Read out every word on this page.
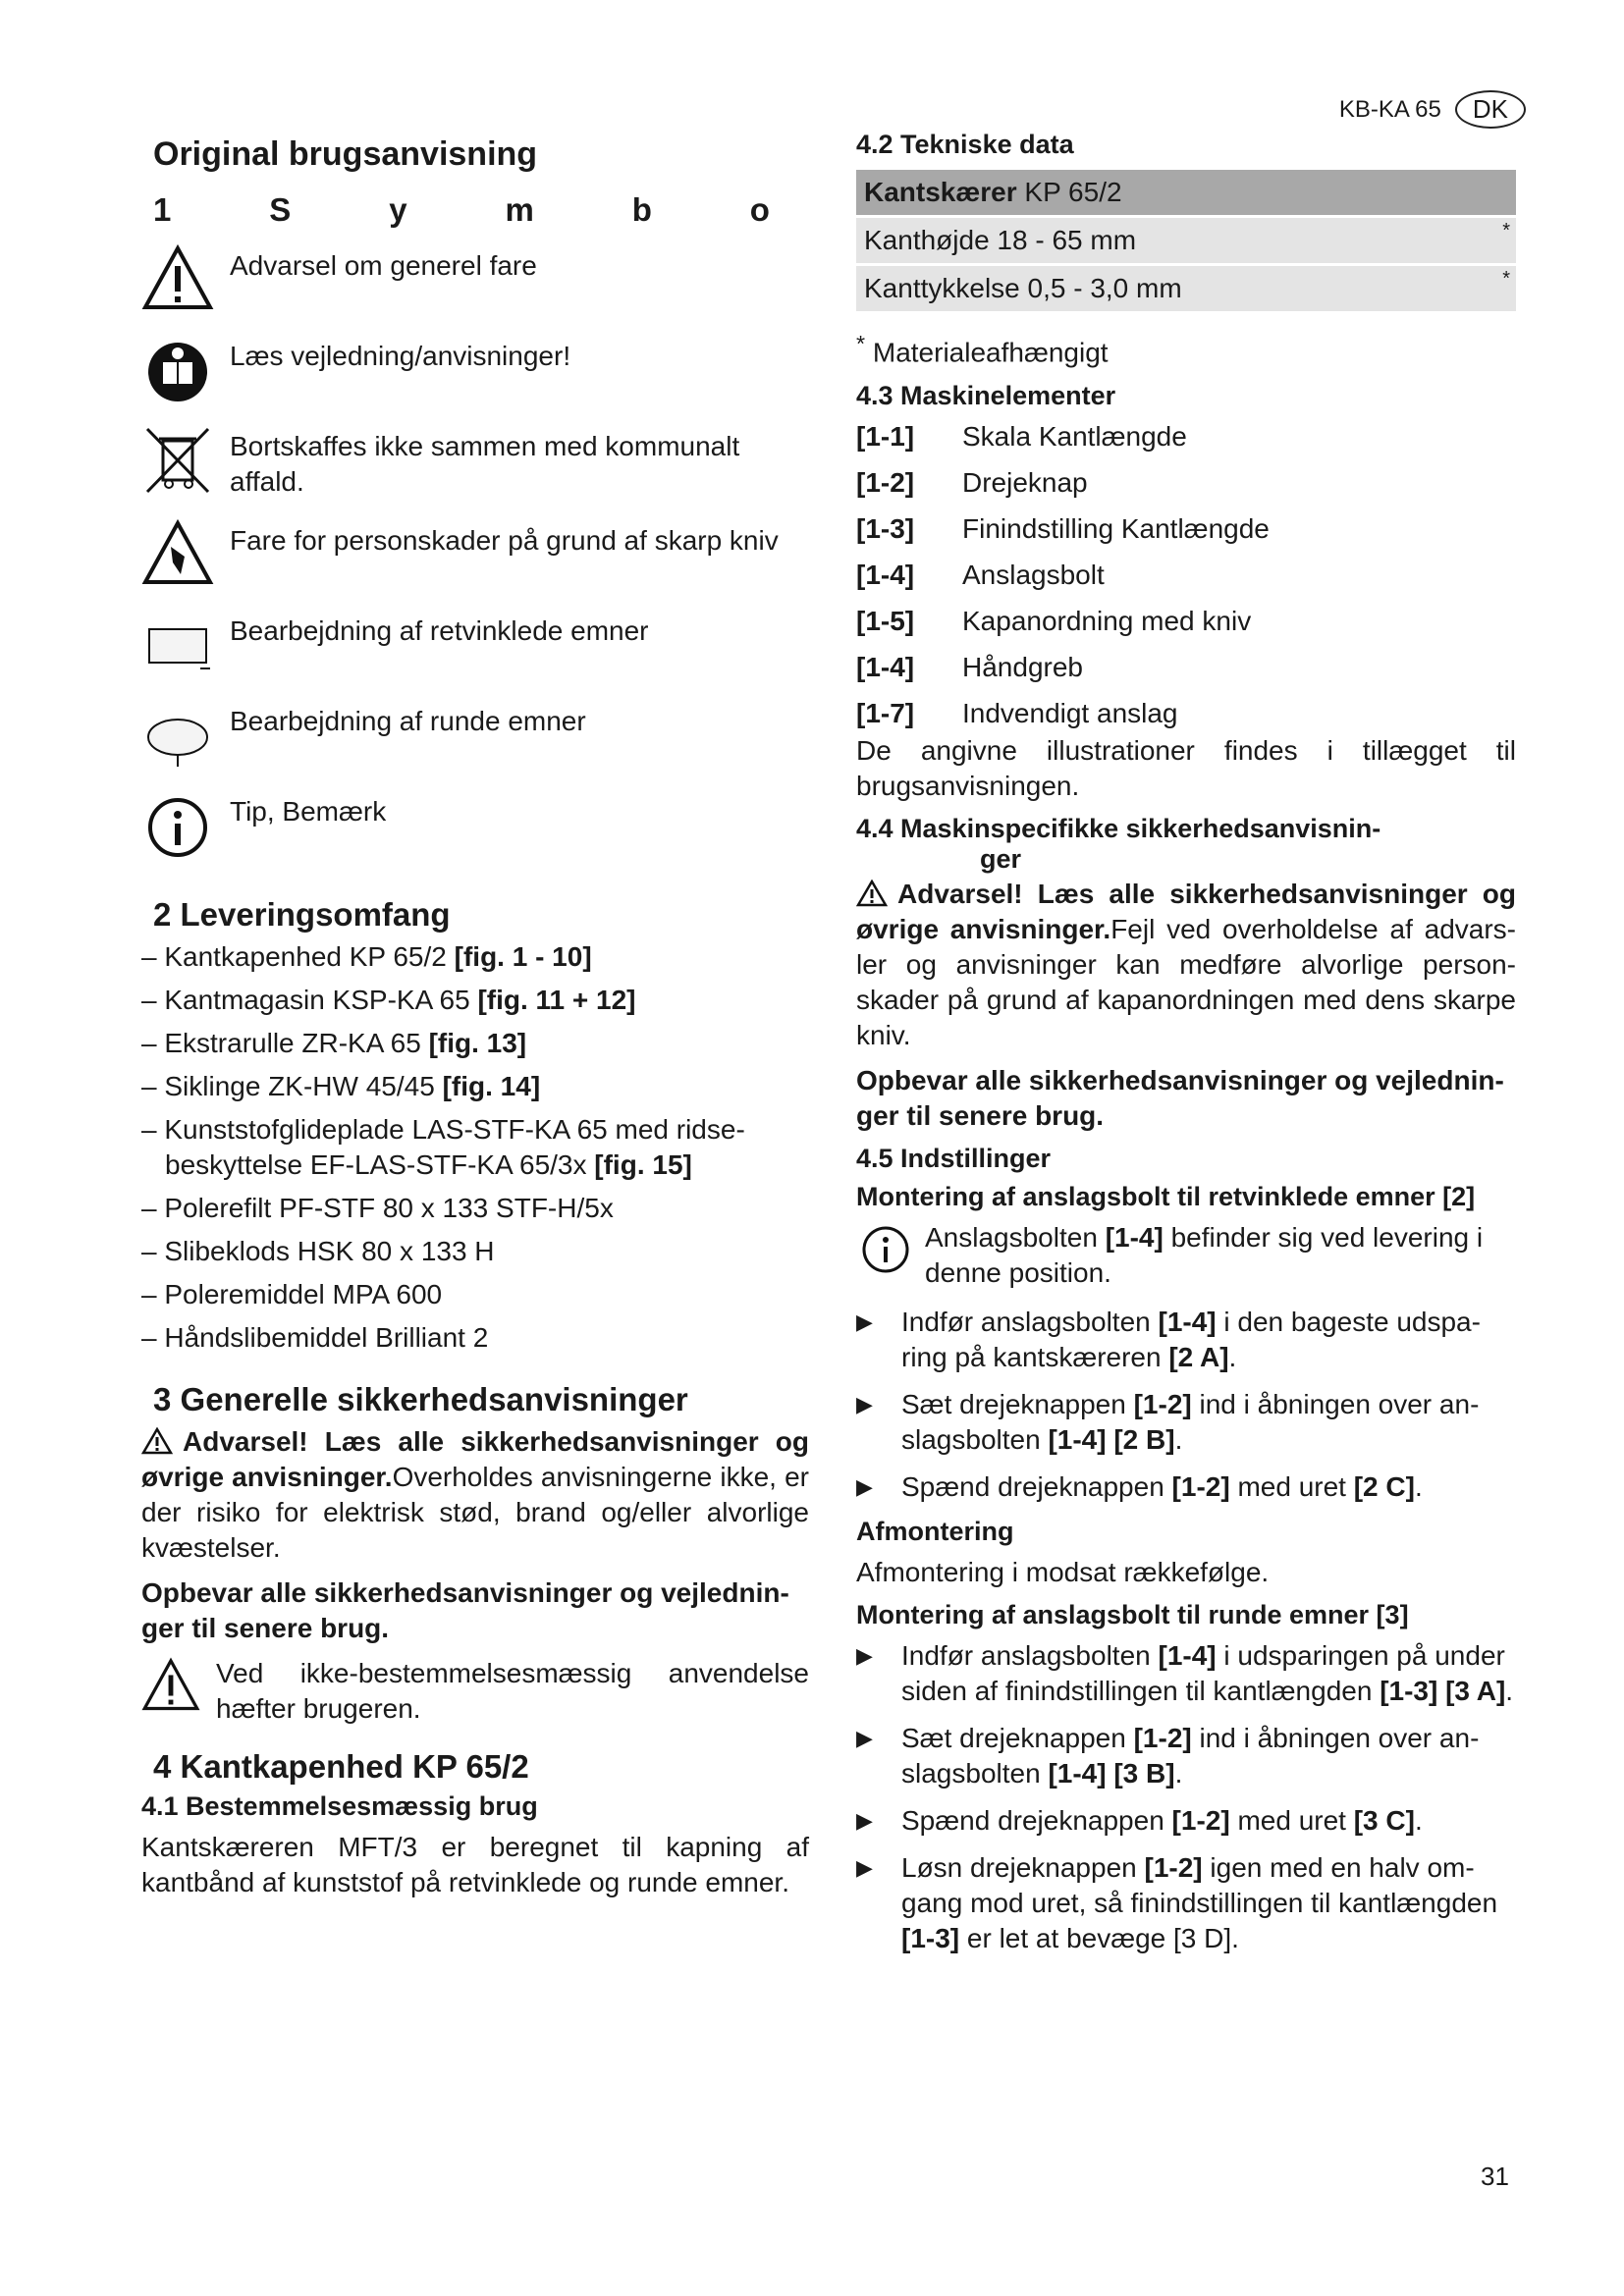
KB-KA 65	DK
Original brugsanvisning
1	S	y	m	b	o
Advarsel om generel fare
Læs vejledning/anvisninger!
Bortskaffes ikke sammen med kommunalt affald.
Fare for personskader på grund af skarp kniv
Bearbejdning af retvinklede emner
Bearbejdning af runde emner
Tip, Bemærk
2 Leveringsomfang
– Kantkapenhed KP 65/2 [fig. 1 - 10]
– Kantmagasin KSP-KA 65 [fig. 11 + 12]
– Ekstrarulle ZR-KA 65 [fig. 13]
– Siklinge ZK-HW 45/45 [fig. 14]
– Kunststofglideplade LAS-STF-KA 65 med ridsebeskyttelse EF-LAS-STF-KA 65/3x [fig. 15]
– Polerefilt PF-STF 80 x 133 STF-H/5x
– Slibeklods HSK 80 x 133 H
– Poleremiddel MPA 600
– Håndslibemiddel Brilliant 2
3 Generelle sikkerhedsanvisninger

Advarsel! Læs alle sikkerhedsanvisninger og øvrige anvisninger.Overholdes anvisningerne ikke, er der risiko for elektrisk stød, brand og/eller alvorlige kvæstelser.

Opbevar alle sikkerhedsanvisninger og vejledninger til senere brug.

Ved ikke-bestemmelsesmæssig anvendelse hæfter brugeren.
4 Kantkapenhed KP 65/2
4.1 Bestemmelsesmæssig brug

Kantskæreren MFT/3 er beregnet til kapning af kantbånd af kunststof på retvinklede og runde emner.

4.2 Tekniske data
Kantskærer KP 65/2
Kanthøjde 18 - 65 mm	*

Kanttykkelse 0,5 - 3,0 mm	*
* Materialeafhængigt
4.3 Maskinelementer
[1-1]	Skala Kantlængde
[1-2]	Drejeknap
[1-3]	Finindstilling Kantlængde
[1-4]	Anslagsbolt
[1-5]	Kapanordning med kniv
[1-4]	Håndgreb
[1-7]	Indvendigt anslag

De angivne illustrationer findes i tillægget til brugsanvisningen.

4.4 Maskinspecifikke sikkerhedsanvisnin-
ger

Advarsel! Læs alle sikkerhedsanvisninger og øvrige anvisninger.Fejl ved overholdelse af advarsler og anvisninger kan medføre alvorlige personskader på grund af kapanordningen med dens skarpe kniv.

Opbevar alle sikkerhedsanvisninger og vejledninger til senere brug.

4.5 Indstillinger
Montering af anslagsbolt til retvinklede emner [2]
Anslagsbolten [1-4] befinder sig ved levering i denne position.
▶	Indfør anslagsbolten [1-4] i den bageste udsparing på kantskæreren [2 A].
▶	Sæt drejeknappen [1-2] ind i åbningen over anslagsbolten [1-4] [2 B].
▶	Spænd drejeknappen [1-2] med uret [2 C].
Afmontering

Afmontering i modsat rækkefølge.

Montering af anslagsbolt til runde emner [3]
▶	Indfør anslagsbolten [1-4] i udsparingen på under siden af finindstillingen til kantlængden [1-3] [3 A].
▶	Sæt drejeknappen [1-2] ind i åbningen over anslagsbolten [1-4] [3 B].
▶	Spænd drejeknappen [1-2] med uret [3 C].
▶	Løsn drejeknappen [1-2] igen med en halv omgang mod uret, så finindstillingen til kantlængden [1-3] er let at bevæge [3 D].
31
